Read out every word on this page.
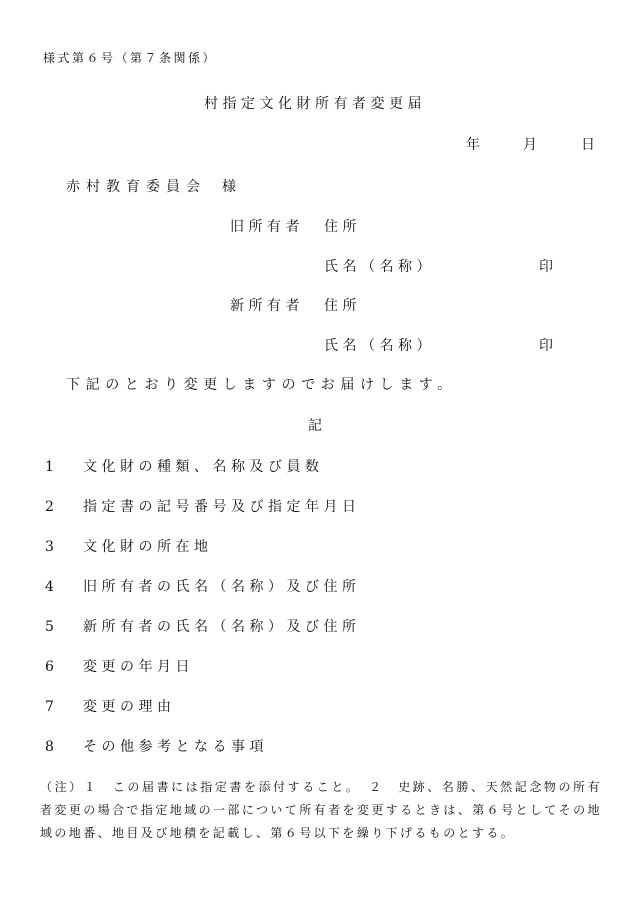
様式第６号（第７条関係）
村指定文化財所有者変更届
年	月	日
赤村教育委員会 様
旧所有者 住所
氏名（名称）	印
新所有者 住所
氏名（名称）	印
下記のとおり変更しますのでお届けします。
記
1 文化財の種類、名称及び員数
2 指定書の記号番号及び指定年月日
3 文化財の所在地
4 旧所有者の氏名（名称）及び住所
5 新所有者の氏名（名称）及び住所
6 変更の年月日
7 変更の理由
8 その他参考となる事項
（注）１　この届書には指定書を添付すること。　２　史跡、名勝、天然記念物の所有者変更の場合で指定地域の一部について所有者を変更するときは、第６号としてその地域の地番、地目及び地積を記載し、第６号以下を繰り下げるものとする。
